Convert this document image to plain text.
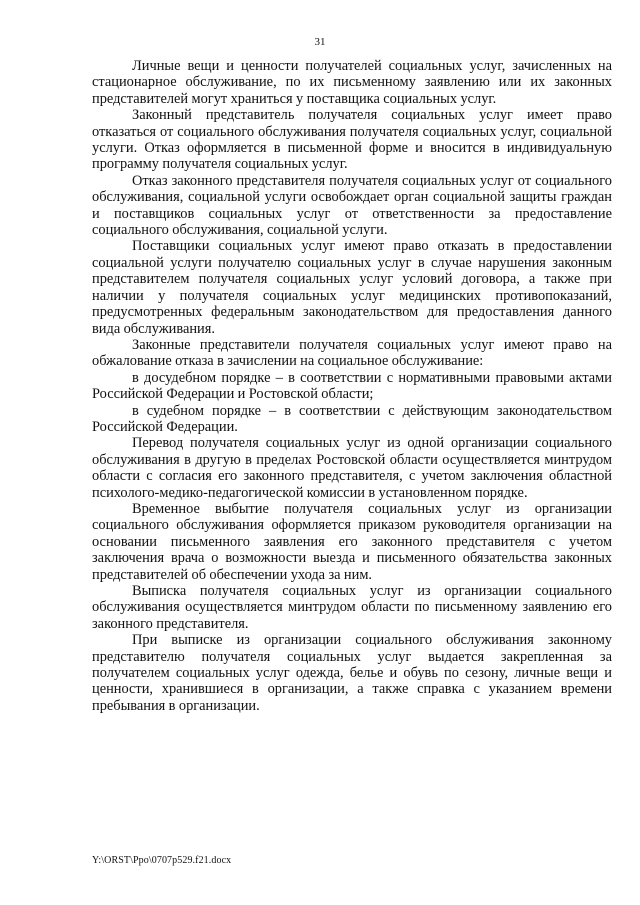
31

Личные вещи и ценности получателей социальных услуг, зачисленных на стационарное обслуживание, по их письменному заявлению или их законных представителей могут храниться у поставщика социальных услуг.

Законный представитель получателя социальных услуг имеет право отказаться от социального обслуживания получателя социальных услуг, социальной услуги. Отказ оформляется в письменной форме и вносится в индивидуальную программу получателя социальных услуг.

Отказ законного представителя получателя социальных услуг от социального обслуживания, социальной услуги освобождает орган социальной защиты граждан и поставщиков социальных услуг от ответственности за предоставление социального обслуживания, социальной услуги.

Поставщики социальных услуг имеют право отказать в предоставлении социальной услуги получателю социальных услуг в случае нарушения законным представителем получателя социальных услуг условий договора, а также при наличии у получателя социальных услуг медицинских противопоказаний, предусмотренных федеральным законодательством для предоставления данного вида обслуживания.

Законные представители получателя социальных услуг имеют право на обжалование отказа в зачислении на социальное обслуживание:

в досудебном порядке – в соответствии с нормативными правовыми актами Российской Федерации и Ростовской области;

в судебном порядке – в соответствии с действующим законодательством Российской Федерации.

Перевод получателя социальных услуг из одной организации социального обслуживания в другую в пределах Ростовской области осуществляется минтрудом области с согласия его законного представителя, с учетом заключения областной психолого-медико-педагогической комиссии в установленном порядке.

Временное выбытие получателя социальных услуг из организации социального обслуживания оформляется приказом руководителя организации на основании письменного заявления его законного представителя с учетом заключения врача о возможности выезда и письменного обязательства законных представителей об обеспечении ухода за ним.

Выписка получателя социальных услуг из организации социального обслуживания осуществляется минтрудом области по письменному заявлению его законного представителя.

При выписке из организации социального обслуживания законному представителю получателя социальных услуг выдается закрепленная за получателем социальных услуг одежда, белье и обувь по сезону, личные вещи и ценности, хранившиеся в организации, а также справка с указанием времени пребывания в организации.

Y:\ORST\Ppo\0707p529.f21.docx
